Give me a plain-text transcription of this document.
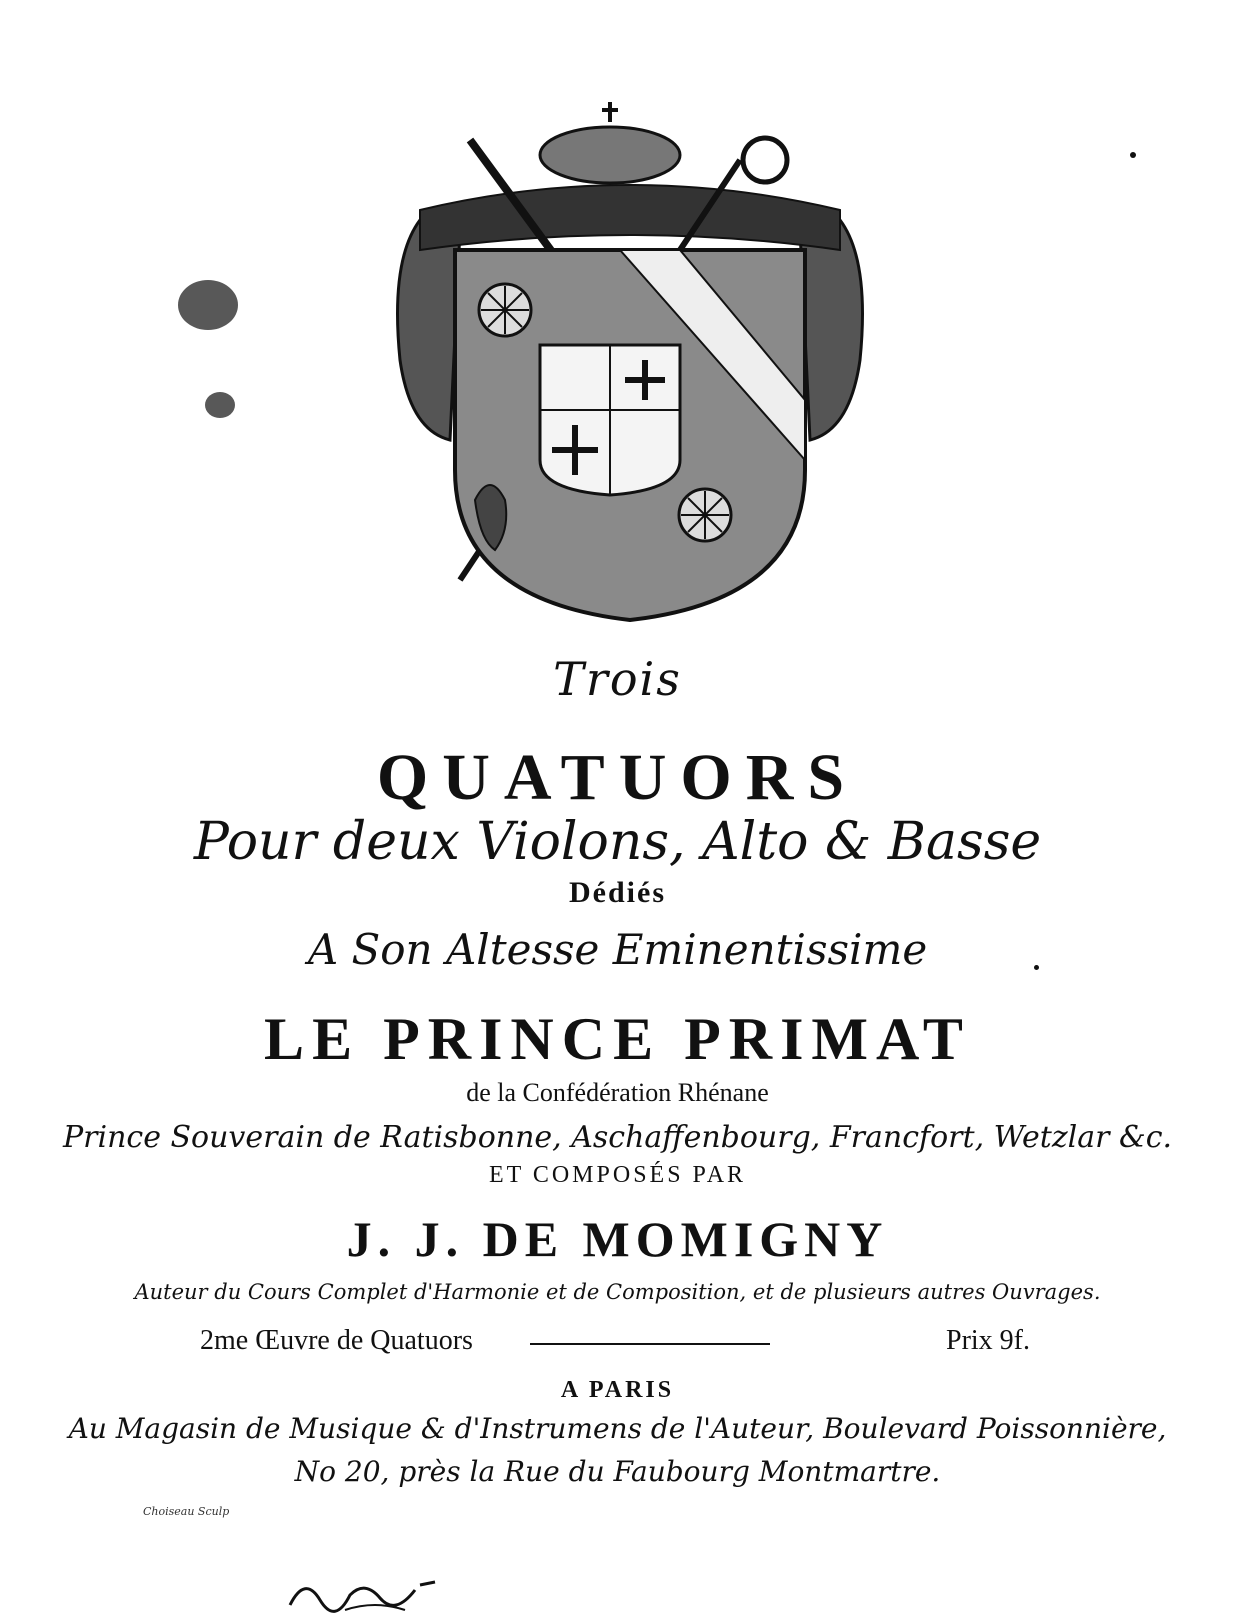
Trois
QUATUORS
Pour deux Violons, Alto & Basse
Dédiés
A Son Altesse Eminentissime
LE PRINCE PRIMAT
de la Confédération Rhénane
Prince Souverain de Ratisbonne, Aschaffenbourg, Francfort, Wetzlar &c.
ET COMPOSÉS PAR
J. J. DE MOMIGNY
Auteur du Cours Complet d'Harmonie et de Composition, et de plusieurs autres Ouvrages.
2me Œuvre de Quatuors	Prix 9f.
A PARIS
Au Magasin de Musique & d'Instrumens de l'Auteur, Boulevard Poissonnière,
No 20, près la Rue du Faubourg Montmartre.
Choiseau Sculp
